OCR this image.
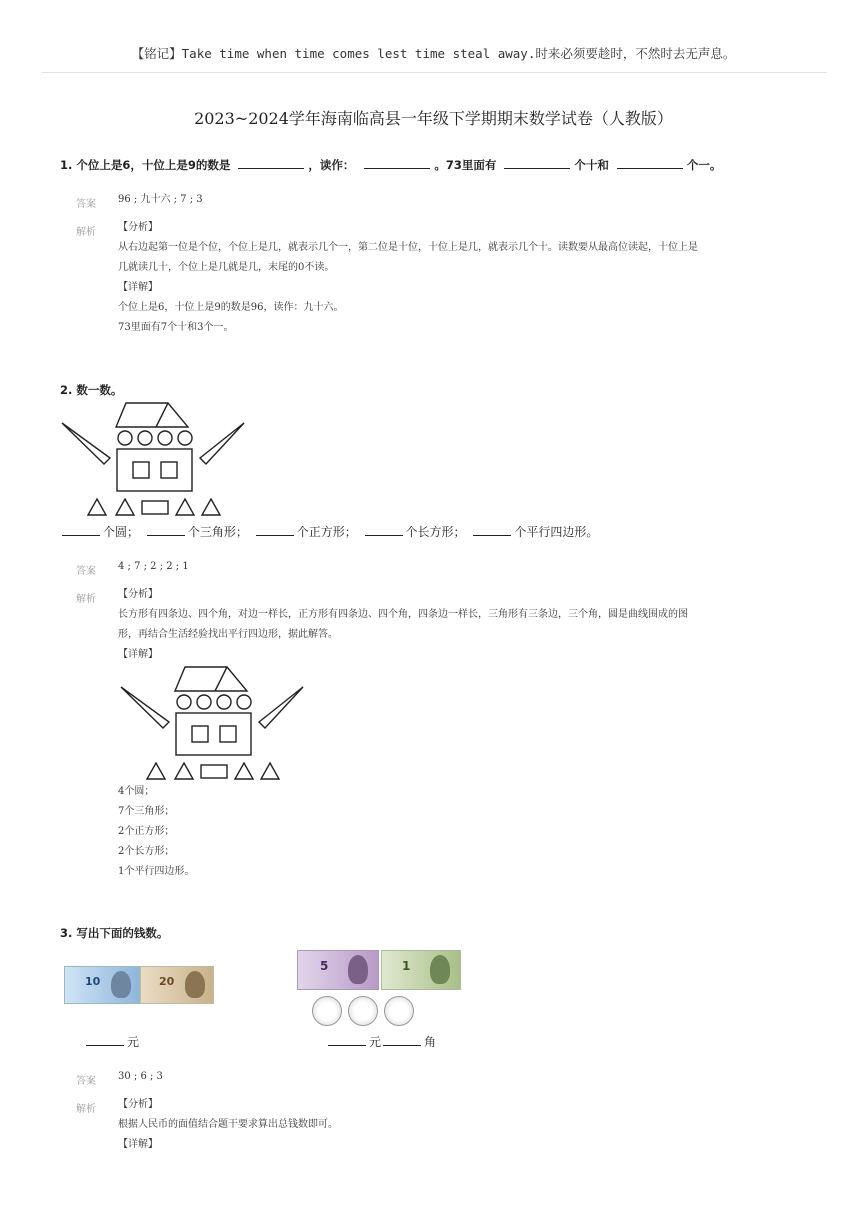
【铭记】Take time when time comes lest time steal away.时来必须要趁时，不然时去无声息。
2023~2024学年海南临高县一年级下学期期末数学试卷（人教版）
1. 个位上是6，十位上是9的数是	，读作：	。73里面有	个十和	个一。
答案 96 ; 九十六 ; 7 ; 3
解析 【分析】
从右边起第一位是个位，个位上是几，就表示几个一，第二位是十位，十位上是几，就表示几个十。读数要从最高位读起，十位上是
几就读几十，个位上是几就是几，末尾的0不读。
【详解】
个位上是6，十位上是9的数是96，读作：九十六。
73里面有7个十和3个一。
2. 数一数。
个圆；	个三角形；	个正方形；	个长方形；	个平行四边形。
答案 4 ; 7 ; 2 ; 2 ; 1
解析 【分析】
长方形有四条边、四个角，对边一样长，正方形有四条边、四个角，四条边一样长，三角形有三条边，三个角，圆是曲线围成的图
形，再结合生活经验找出平行四边形，据此解答。
【详解】
4个圆；
7个三角形；
2个正方形；
2个长方形；
1个平行四边形。
3. 写出下面的钱数。
10	20
5	1
元	元	角
答案 30 ; 6 ; 3
解析 【分析】
根据人民币的面值结合题干要求算出总钱数即可。
【详解】
